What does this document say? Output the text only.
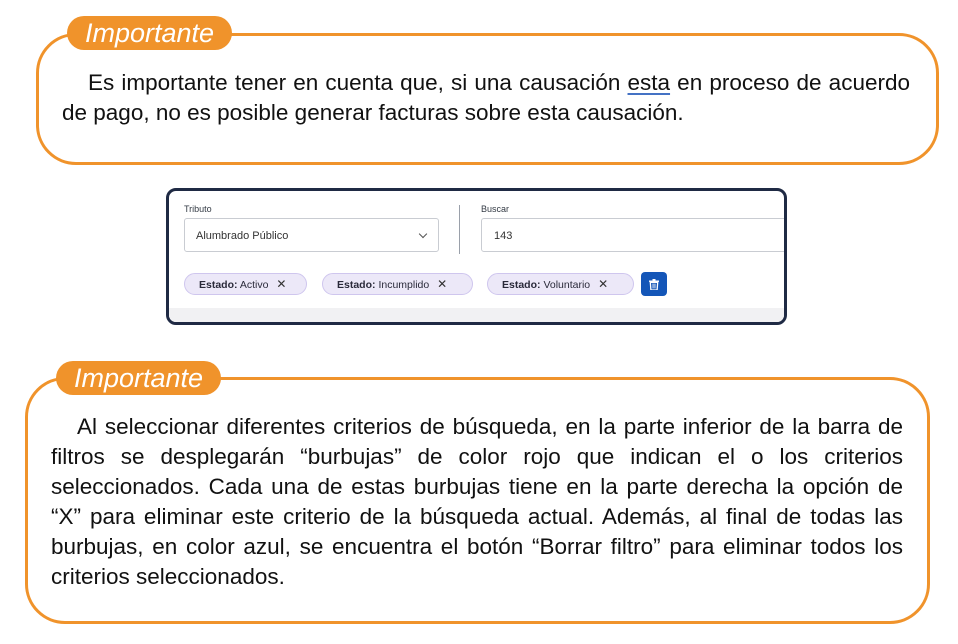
Importante
Es importante tener en cuenta que, si una causación esta en proceso de acuerdo de pago, no es posible generar facturas sobre esta causación.
Tributo
Alumbrado Público
Buscar
143
Estado: Activo ✕	Estado: Incumplido ✕	Estado: Voluntario ✕
Importante
Al seleccionar diferentes criterios de búsqueda, en la parte inferior de la barra de filtros se desplegarán “burbujas” de color rojo que indican el o los criterios seleccionados. Cada una de estas burbujas tiene en la parte derecha la opción de “X” para eliminar este criterio de la búsqueda actual. Además, al final de todas las burbujas, en color azul, se encuentra el botón “Borrar filtro” para eliminar todos los criterios seleccionados.
